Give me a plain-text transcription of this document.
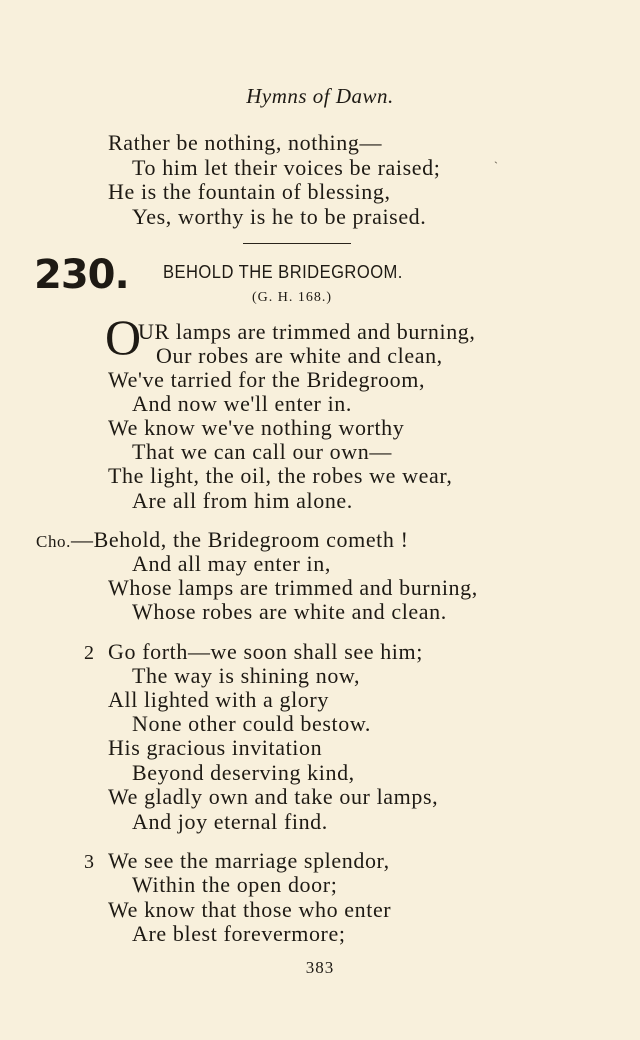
Hymns of Dawn.
ˎ
Rather be nothing, nothing—
To him let their voices be raised;
He is the fountain of blessing,
Yes, worthy is he to be praised.
230. BEHOLD THE BRIDEGROOM.
(G. H. 168.)
O
UR lamps are trimmed and burning,
Our robes are white and clean,
We've tarried for the Bridegroom,
And now we'll enter in.
We know we've nothing worthy
That we can call our own—
The light, the oil, the robes we wear,
Are all from him alone.
Cho.—Behold, the Bridegroom cometh !
And all may enter in,
Whose lamps are trimmed and burning,
Whose robes are white and clean.
2 Go forth—we soon shall see him;
The way is shining now,
All lighted with a glory
None other could bestow.
His gracious invitation
Beyond deserving kind,
We gladly own and take our lamps,
And joy eternal find.
3 We see the marriage splendor,
Within the open door;
We know that those who enter
Are blest forevermore;
383
